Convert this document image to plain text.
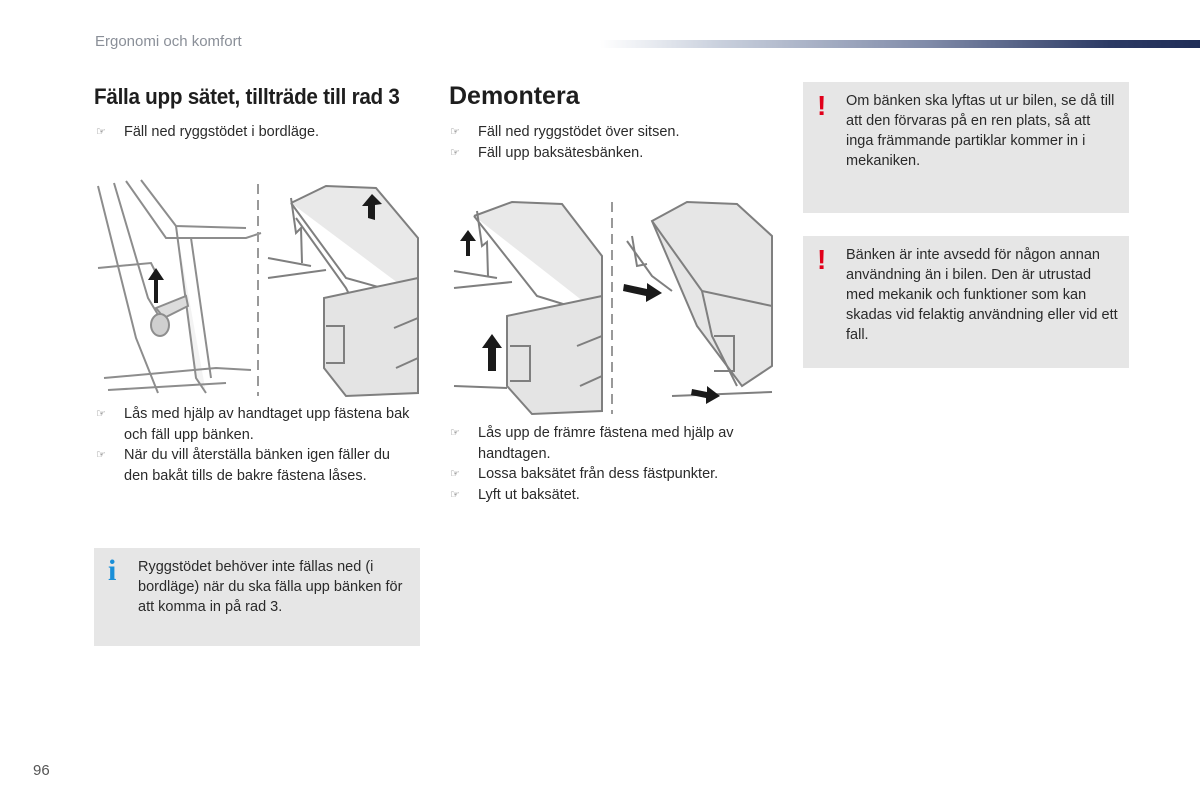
Ergonomi och komfort
Fälla upp sätet, tillträde till rad 3
☞ Fäll ned ryggstödet i bordläge.
☞ Lås med hjälp av handtaget upp fästena bak och fäll upp bänken.
☞ När du vill återställa bänken igen fäller du den bakåt tills de bakre fästena låses.
i Ryggstödet behöver inte fällas ned (i bordläge) när du ska fälla upp bänken för att komma in på rad 3.

Demontera
☞ Fäll ned ryggstödet över sitsen.
☞ Fäll upp baksätesbänken.
☞ Lås upp de främre fästena med hjälp av handtagen.
☞ Lossa baksätet från dess fästpunkter.
☞ Lyft ut baksätet.
! Om bänken ska lyftas ut ur bilen, se då till att den förvaras på en ren plats, så att inga främmande partiklar kommer in i mekaniken.

! Bänken är inte avsedd för någon annan användning än i bilen. Den är utrustad med mekanik och funktioner som kan skadas vid felaktig användning eller vid ett fall.

96
